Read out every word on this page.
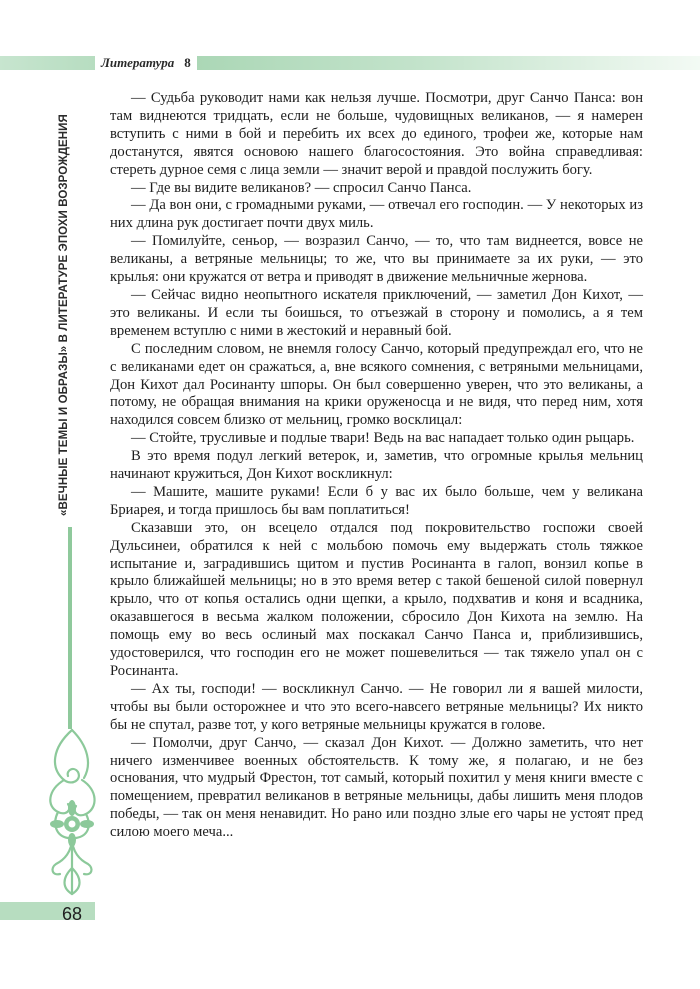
Литература 8
«ВЕЧНЫЕ ТЕМЫ И ОБРАЗЫ» В ЛИТЕРАТУРЕ ЭПОХИ ВОЗРОЖДЕНИЯ
68

— Судьба руководит нами как нельзя лучше. Посмотри, друг Санчо Панса: вон там виднеются тридцать, если не больше, чудовищных великанов, — я намерен вступить с ними в бой и перебить их всех до единого, трофеи же, которые нам достанутся, явятся основою нашего благосостояния. Это война справедливая: стереть дурное семя с лица земли — значит верой и правдой послужить богу.

— Где вы видите великанов? — спросил Санчо Панса.

— Да вон они, с громадными руками, — отвечал его господин. — У некоторых из них длина рук достигает почти двух миль.

— Помилуйте, сеньор, — возразил Санчо, — то, что там виднеется, вовсе не великаны, а ветряные мельницы; то же, что вы принимаете за их руки, — это крылья: они кружатся от ветра и приводят в движение мельничные жернова.

— Сейчас видно неопытного искателя приключений, — заметил Дон Кихот, — это великаны. И если ты боишься, то отъезжай в сторону и помолись, а я тем временем вступлю с ними в жестокий и неравный бой.

С последним словом, не внемля голосу Санчо, который предупреждал его, что не с великанами едет он сражаться, а, вне всякого сомнения, с ветряными мельницами, Дон Кихот дал Росинанту шпоры. Он был совершенно уверен, что это великаны, а потому, не обращая внимания на крики оруженосца и не видя, что перед ним, хотя находился совсем близко от мельниц, громко восклицал:

— Стойте, трусливые и подлые твари! Ведь на вас нападает только один рыцарь.

В это время подул легкий ветерок, и, заметив, что огромные крылья мельниц начинают кружиться, Дон Кихот воскликнул:

— Машите, машите руками! Если б у вас их было больше, чем у великана Бриарея, и тогда пришлось бы вам поплатиться!

Сказавши это, он всецело отдался под покровительство госпожи своей Дульсинеи, обратился к ней с мольбою помочь ему выдержать столь тяжкое испытание и, заградившись щитом и пустив Росинанта в галоп, вонзил копье в крыло ближайшей мельницы; но в это время ветер с такой бешеной силой повернул крыло, что от копья остались одни щепки, а крыло, подхватив и коня и всадника, оказавшегося в весьма жалком положении, сбросило Дон Кихота на землю. На помощь ему во весь ослиный мах поскакал Санчо Панса и, приблизившись, удостоверился, что господин его не может пошевелиться — так тяжело упал он с Росинанта.

— Ах ты, господи! — воскликнул Санчо. — Не говорил ли я вашей милости, чтобы вы были осторожнее и что это всего-навсего ветряные мельницы? Их никто бы не спутал, разве тот, у кого ветряные мельницы кружатся в голове.

— Помолчи, друг Санчо, — сказал Дон Кихот. — Должно заметить, что нет ничего изменчивее военных обстоятельств. К тому же, я полагаю, и не без основания, что мудрый Фрестон, тот самый, который похитил у меня книги вместе с помещением, превратил великанов в ветряные мельницы, дабы лишить меня плодов победы, — так он меня ненавидит. Но рано или поздно злые его чары не устоят пред силою моего меча...
